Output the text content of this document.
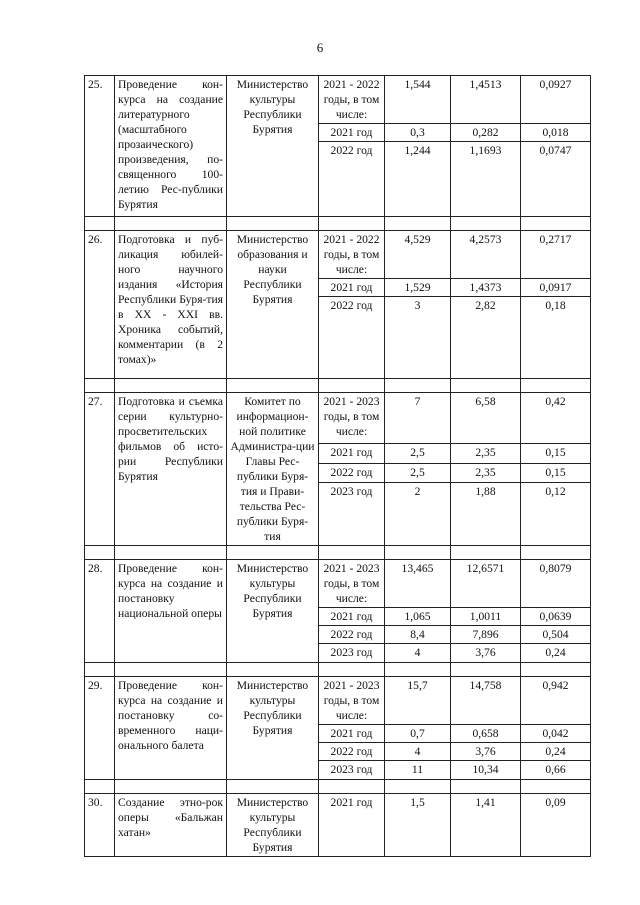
6
25.	Проведение кон-курса на создание литературного (масштабного прозаического) произведения, по-священного 100-летию Рес-публики Бурятия	Министерство культуры Республики Бурятия	2021 - 2022 годы, в том числе:	1,544	1,4513	0,0927
			2021 год	0,3	0,282	0,018
			2022 год	1,244	1,1693	0,0747

26.	Подготовка и пуб-ликация юбилей-ного научного издания «История Республики Буря-тия в XX - XXI вв. Хроника событий, комментарии (в 2 томах)»	Министерство образования и науки Республики Бурятия	2021 - 2022 годы, в том числе:	4,529	4,2573	0,2717
			2021 год	1,529	1,4373	0,0917
			2022 год	3	2,82	0,18

27.	Подготовка и съемка серии культурно-просветительских фильмов об исто-рии Республики Бурятия	Комитет по информацион-ной политике Администра-ции Главы Рес-публики Буря-тия и Прави-тельства Рес-публики Буря-тия	2021 - 2023 годы, в том числе:	7	6,58	0,42
			2021 год	2,5	2,35	0,15
			2022 год	2,5	2,35	0,15
			2023 год	2	1,88	0,12

28.	Проведение кон-курса на создание и постановку национальной оперы	Министерство культуры Республики Бурятия	2021 - 2023 годы, в том числе:	13,465	12,6571	0,8079
			2021 год	1,065	1,0011	0,0639
			2022 год	8,4	7,896	0,504
			2023 год	4	3,76	0,24

29.	Проведение кон-курса на создание и постановку со-временного наци-онального балета	Министерство культуры Республики Бурятия	2021 - 2023 годы, в том числе:	15,7	14,758	0,942
			2021 год	0,7	0,658	0,042
			2022 год	4	3,76	0,24
			2023 год	11	10,34	0,66

30.	Создание этно-рок оперы «Бальжан хатан»	Министерство культуры Республики Бурятия	2021 год	1,5	1,41	0,09
